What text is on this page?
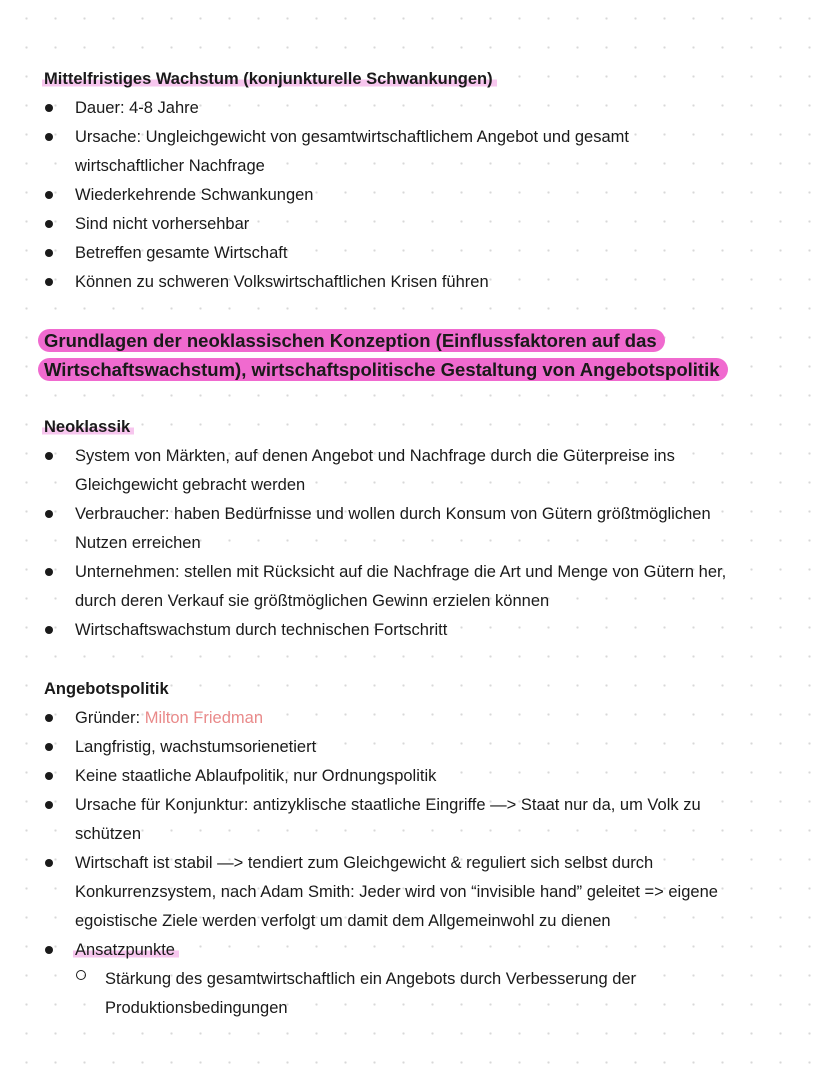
Mittelfristiges Wachstum (konjunkturelle Schwankungen)
Dauer: 4-8 Jahre
Ursache: Ungleichgewicht von gesamtwirtschaftlichem Angebot und gesamt
wirtschaftlicher Nachfrage
Wiederkehrende Schwankungen
Sind nicht vorhersehbar
Betreffen gesamte Wirtschaft
Können zu schweren Volkswirtschaftlichen Krisen führen
Grundlagen der neoklassischen Konzeption (Einflussfaktoren auf das
Wirtschaftswachstum), wirtschaftspolitische Gestaltung von Angebotspolitik
Neoklassik
System von Märkten, auf denen Angebot und Nachfrage durch die Güterpreise ins
Gleichgewicht gebracht werden
Verbraucher: haben Bedürfnisse und wollen durch Konsum von Gütern größtmöglichen
Nutzen erreichen
Unternehmen: stellen mit Rücksicht auf die Nachfrage die Art und Menge von Gütern her,
durch deren Verkauf sie größtmöglichen Gewinn erzielen können
Wirtschaftswachstum durch technischen Fortschritt
Angebotspolitik
Gründer: Milton Friedman
Langfristig, wachstumsorienetiert
Keine staatliche Ablaufpolitik, nur Ordnungspolitik
Ursache für Konjunktur: antizyklische staatliche Eingriffe —> Staat nur da, um Volk zu
schützen
Wirtschaft ist stabil —> tendiert zum Gleichgewicht & reguliert sich selbst durch
Konkurrenzsystem, nach Adam Smith: Jeder wird von “invisible hand” geleitet => eigene
egoistische Ziele werden verfolgt um damit dem Allgemeinwohl zu dienen
Ansatzpunkte
Stärkung des gesamtwirtschaftlich ein Angebots durch Verbesserung der
Produktionsbedingungen
